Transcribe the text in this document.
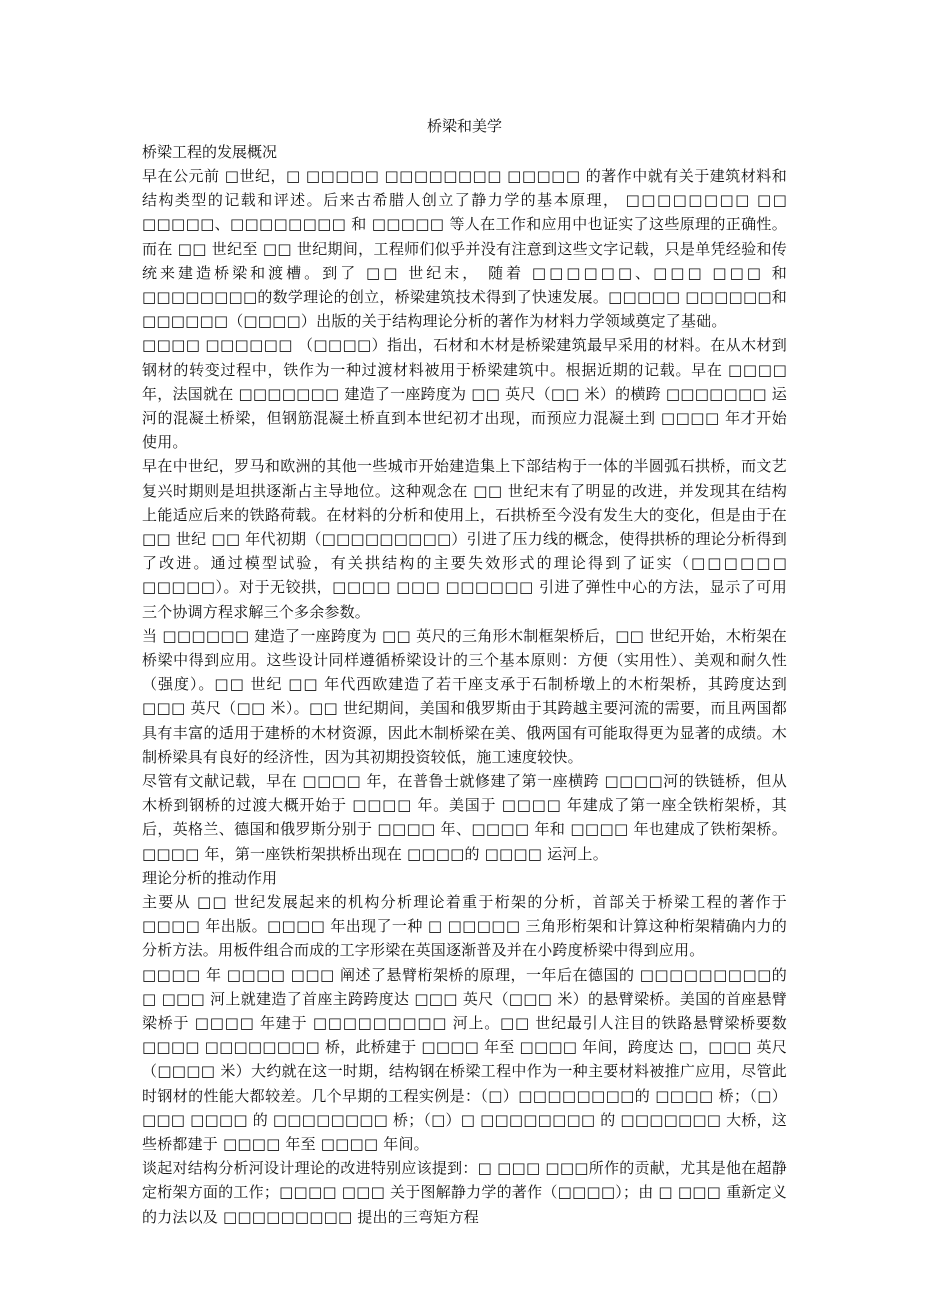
桥梁和美学
桥梁工程的发展概况

早在公元前 □世纪，□ □□□□□ □□□□□□□□ □□□□□ 的著作中就有关于建筑材料和结构类型的记载和评述。后来古希腊人创立了静力学的基本原理， □□□□□□□□ □□ □□□□□、□□□□□□□□ 和 □□□□□ 等人在工作和应用中也证实了这些原理的正确性。而在 □□ 世纪至 □□ 世纪期间，工程师们似乎并没有注意到这些文字记载，只是单凭经验和传统来建造桥梁和渡槽。到了 □□ 世纪末， 随着 □□□□□□、□□□ □□□ 和 □□□□□□□□的数学理论的创立，桥梁建筑技术得到了快速发展。□□□□□ □□□□□□和 □□□□□□（□□□□）出版的关于结构理论分析的著作为材料力学领域奠定了基础。

□□□□ □□□□□□ （□□□□）指出，石材和木材是桥梁建筑最早采用的材料。在从木材到钢材的转变过程中，铁作为一种过渡材料被用于桥梁建筑中。根据近期的记载。早在 □□□□ 年，法国就在 □□□□□□□ 建造了一座跨度为 □□ 英尺（□□ 米）的横跨 □□□□□□□ 运河的混凝土桥梁，但钢筋混凝土桥直到本世纪初才出现，而预应力混凝土到 □□□□ 年才开始使用。

早在中世纪，罗马和欧洲的其他一些城市开始建造集上下部结构于一体的半圆弧石拱桥，而文艺复兴时期则是坦拱逐渐占主导地位。这种观念在 □□ 世纪末有了明显的改进，并发现其在结构上能适应后来的铁路荷载。在材料的分析和使用上，石拱桥至今没有发生大的变化，但是由于在 □□ 世纪 □□ 年代初期（□□□□□□□□□）引进了压力线的概念，使得拱桥的理论分析得到了改进。通过模型试验，有关拱结构的主要失效形式的理论得到了证实（□□□□□□ □□□□□）。对于无铰拱，□□□□ □□□ □□□□□□ 引进了弹性中心的方法，显示了可用三个协调方程求解三个多余参数。

当 □□□□□□ 建造了一座跨度为 □□ 英尺的三角形木制框架桥后，□□ 世纪开始，木桁架在桥梁中得到应用。这些设计同样遵循桥梁设计的三个基本原则：方便（实用性）、美观和耐久性（强度）。□□ 世纪 □□ 年代西欧建造了若干座支承于石制桥墩上的木桁架桥，其跨度达到 □□□ 英尺（□□ 米）。□□ 世纪期间，美国和俄罗斯由于其跨越主要河流的需要，而且两国都具有丰富的适用于建桥的木材资源，因此木制桥梁在美、俄两国有可能取得更为显著的成绩。木制桥梁具有良好的经济性，因为其初期投资较低，施工速度较快。

尽管有文献记载，早在 □□□□ 年，在普鲁士就修建了第一座横跨 □□□□河的铁链桥，但从木桥到钢桥的过渡大概开始于 □□□□ 年。美国于 □□□□ 年建成了第一座全铁桁架桥，其后，英格兰、德国和俄罗斯分别于 □□□□ 年、□□□□ 年和 □□□□ 年也建成了铁桁架桥。□□□□ 年，第一座铁桁架拱桥出现在 □□□□的 □□□□ 运河上。

理论分析的推动作用

主要从 □□ 世纪发展起来的机构分析理论着重于桁架的分析，首部关于桥梁工程的著作于 □□□□ 年出版。□□□□ 年出现了一种 □ □□□□□ 三角形桁架和计算这种桁架精确内力的分析方法。用板件组合而成的工字形梁在英国逐渐普及并在小跨度桥梁中得到应用。

□□□□ 年 □□□□ □□□ 阐述了悬臂桁架桥的原理，一年后在德国的 □□□□□□□□□的 □ □□□ 河上就建造了首座主跨跨度达 □□□ 英尺（□□□ 米）的悬臂梁桥。美国的首座悬臂梁桥于 □□□□ 年建于 □□□□□□□□□ 河上。□□ 世纪最引人注目的铁路悬臂梁桥要数 □□□□ □□□□□□□□ 桥，此桥建于 □□□□ 年至 □□□□ 年间，跨度达 □，□□□ 英尺（□□□□ 米）大约就在这一时期，结构钢在桥梁工程中作为一种主要材料被推广应用，尽管此时钢材的性能大都较差。几个早期的工程实例是：（□）□□□□□□□□的 □□□□ 桥；（□）□□□ □□□□ 的 □□□□□□□□ 桥；（□）□ □□□□□□□□ 的 □□□□□□□ 大桥，这些桥都建于 □□□□ 年至 □□□□ 年间。

谈起对结构分析河设计理论的改进特别应该提到：□ □□□ □□□所作的贡献，尤其是他在超静定桁架方面的工作；□□□□ □□□ 关于图解静力学的著作（□□□□）；由 □ □□□ 重新定义的力法以及 □□□□□□□□□ 提出的三弯矩方程
